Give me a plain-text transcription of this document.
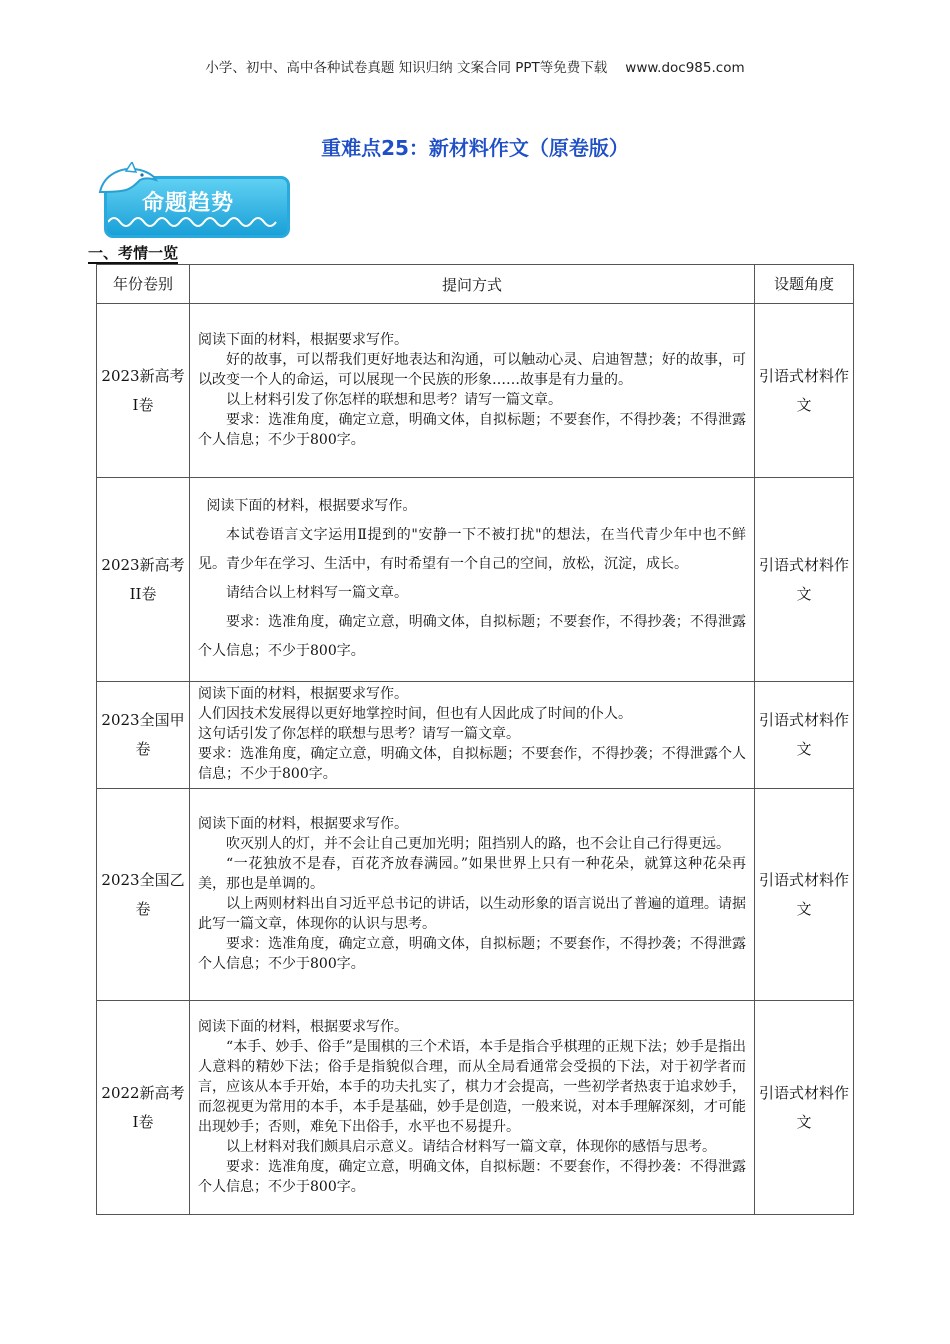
小学、初中、高中各种试卷真题 知识归纳 文案合同 PPT等免费下载 www.doc985.com
重难点25：新材料作文（原卷版）
命题趋势
一、考情一览
年份卷别	提问方式	设题角度
2023新高考I卷	阅读下面的材料，根据要求写作。

好的故事，可以帮我们更好地表达和沟通，可以触动心灵、启迪智慧；好的故事，可以改变一个人的命运，可以展现一个民族的形象……故事是有力量的。

以上材料引发了你怎样的联想和思考？请写一篇文章。

要求：选准角度，确定立意，明确文体，自拟标题；不要套作，不得抄袭；不得泄露个人信息；不少于800字。	引语式材料作文
2023新高考II卷	阅读下面的材料，根据要求写作。

本试卷语言文字运用Ⅱ提到的"安静一下不被打扰"的想法，在当代青少年中也不鲜见。青少年在学习、生活中，有时希望有一个自己的空间，放松，沉淀，成长。

请结合以上材料写一篇文章。

要求：选准角度，确定立意，明确文体，自拟标题；不要套作，不得抄袭；不得泄露个人信息；不少于800字。	引语式材料作文
2023全国甲卷	阅读下面的材料，根据要求写作。

人们因技术发展得以更好地掌控时间，但也有人因此成了时间的仆人。

这句话引发了你怎样的联想与思考？请写一篇文章。

要求：选准角度，确定立意，明确文体，自拟标题；不要套作，不得抄袭；不得泄露个人信息；不少于800字。	引语式材料作文
2023全国乙卷	阅读下面的材料，根据要求写作。

吹灭别人的灯，并不会让自己更加光明；阻挡别人的路，也不会让自己行得更远。

“一花独放不是春，百花齐放春满园。”如果世界上只有一种花朵，就算这种花朵再美，那也是单调的。

以上两则材料出自习近平总书记的讲话，以生动形象的语言说出了普遍的道理。请据此写一篇文章，体现你的认识与思考。

要求：选准角度，确定立意，明确文体，自拟标题；不要套作，不得抄袭；不得泄露个人信息；不少于800字。	引语式材料作文
2022新高考I卷	阅读下面的材料，根据要求写作。

“本手、妙手、俗手”是围棋的三个术语，本手是指合乎棋理的正规下法；妙手是指出人意料的精妙下法；俗手是指貌似合理，而从全局看通常会受损的下法，对于初学者而言，应该从本手开始，本手的功夫扎实了，棋力才会提高，一些初学者热衷于追求妙手，而忽视更为常用的本手，本手是基础，妙手是创造，一般来说，对本手理解深刻，才可能出现妙手；否则，难免下出俗手，水平也不易提升。

以上材料对我们颇具启示意义。请结合材料写一篇文章，体现你的感悟与思考。

要求：选准角度，确定立意，明确文体，自拟标题：不要套作，不得抄袭：不得泄露个人信息；不少于800字。	引语式材料作文
